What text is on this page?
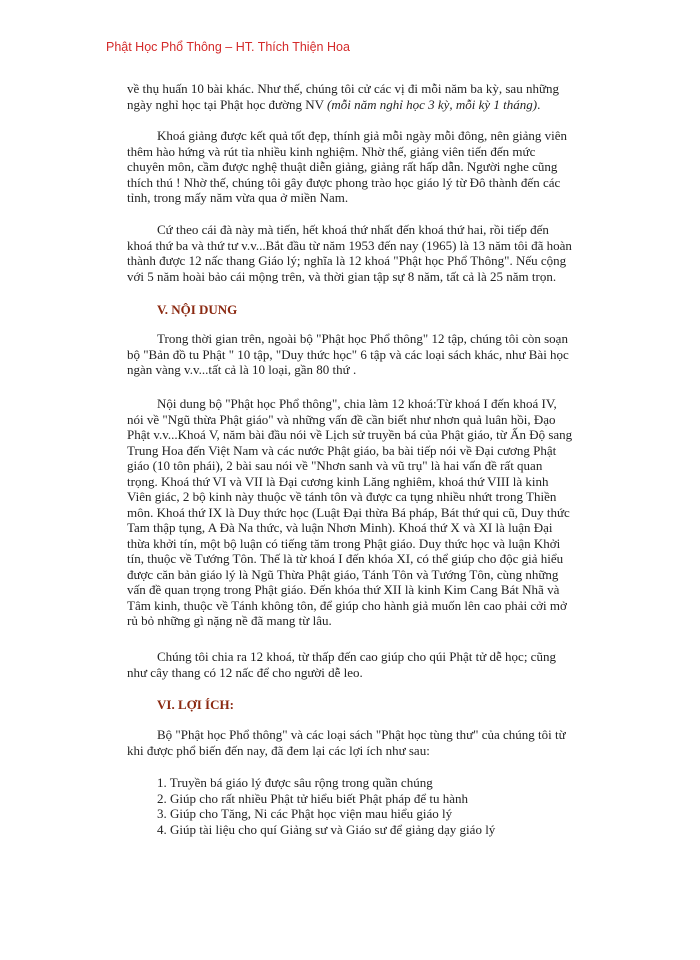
Phật Học Phổ Thông – HT. Thích Thiện Hoa
về thụ huấn 10 bài khác. Như thế, chúng tôi cử các vị đi mỗi năm ba kỳ, sau những
ngày nghỉ học tại Phật học đường NV (mỗi năm nghỉ học 3 kỳ, mỗi kỳ 1 tháng).
Khoá giảng được kết quả tốt đẹp, thính giả mỗi ngày mỗi đông, nên giảng viên
thêm hào hứng và rút tỉa nhiều kinh nghiệm. Nhờ thế, giảng viên tiến đến mức
chuyên môn, cầm được nghệ thuật diễn giảng, giảng rất hấp dẫn. Người nghe cũng
thích thú ! Nhờ thế, chúng tôi gây được phong trào học giáo lý từ Đô thành đến các
tỉnh, trong mấy năm vừa qua ở miền Nam.
Cứ theo cái đà này mà tiến, hết khoá thứ nhất đến khoá thứ hai, rồi tiếp đến
khoá thứ ba và thứ tư v.v...Bắt đầu từ năm 1953 đến nay (1965) là 13 năm tôi đã hoàn
thành được 12 nấc thang Giáo lý; nghĩa là 12 khoá "Phật học Phổ Thông". Nếu cộng
với 5 năm hoài bảo cái mộng trên, và thời gian tập sự 8 năm, tất cả là 25 năm trọn.
V. NỘI DUNG
Trong thời gian trên, ngoài bộ "Phật học Phổ thông" 12 tập, chúng tôi còn soạn
bộ "Bản đồ tu Phật " 10 tập, "Duy thức học" 6 tập và các loại sách khác, như Bài học
ngàn vàng v.v...tất cả là 10 loại, gần 80 thứ .
Nội dung bộ "Phật học Phổ thông", chia làm 12 khoá:Từ khoá I đến khoá IV,
nói về "Ngũ thừa Phật giáo" và những vấn đề cần biết như nhơn quả luân hồi, Đạo
Phật v.v...Khoá V, năm bài đầu nói về Lịch sử truyền bá của Phật giáo, từ Ấn Độ sang
Trung Hoa đến Việt Nam và các nước Phật giáo, ba bài tiếp nói về Đại cương Phật
giáo (10 tôn phái), 2 bài sau nói về "Nhơn sanh và vũ trụ" là hai vấn đề rất quan
trọng. Khoá thứ VI và VII là Đại cương kinh Lăng nghiêm, khoá thứ VIII là kinh
Viên giác, 2 bộ kinh này thuộc về tánh tôn và được ca tụng nhiều nhứt trong Thiền
môn. Khoá thứ IX là Duy thức học (Luật Đại thừa Bá pháp, Bát thứ qui cũ, Duy thức
Tam thập tụng, A Đà Na thức, và luận Nhơn Minh). Khoá thứ X và XI là luận Đại
thừa khởi tín, một bộ luận có tiếng tăm trong Phật giáo. Duy thức học và luận Khởi
tín, thuộc về Tướng Tôn. Thế là từ khoá I đến khóa XI, có thể giúp cho độc giả hiểu
được căn bản giáo lý là Ngũ Thừa Phật giáo, Tánh Tôn và Tướng Tôn, cùng những
vấn đề quan trọng trong Phật giáo. Đến khóa thứ XII là kinh Kim Cang Bát Nhã và
Tâm kinh, thuộc về Tánh không tôn, để giúp cho hành giả muốn lên cao phải cởi mở
rủ bỏ những gì nặng nề đã mang từ lâu.
Chúng tôi chia ra 12 khoá, từ thấp đến cao giúp cho qúi Phật tử dễ học; cũng
như cây thang có 12 nấc để cho người dễ leo.
VI. LỢI ÍCH:
Bộ "Phật học Phổ thông" và các loại sách "Phật học tùng thư" của chúng tôi từ
khi được phổ biến đến nay, đã đem lại các lợi ích như sau:
1. Truyền bá giáo lý được sâu rộng trong quần chúng
2. Giúp cho rất nhiều Phật tử hiểu biết Phật pháp để tu hành
3. Giúp cho Tăng, Ni các Phật học viện mau hiểu giáo lý
4. Giúp tài liệu cho quí Giảng sư và Giáo sư để giảng dạy giáo lý
